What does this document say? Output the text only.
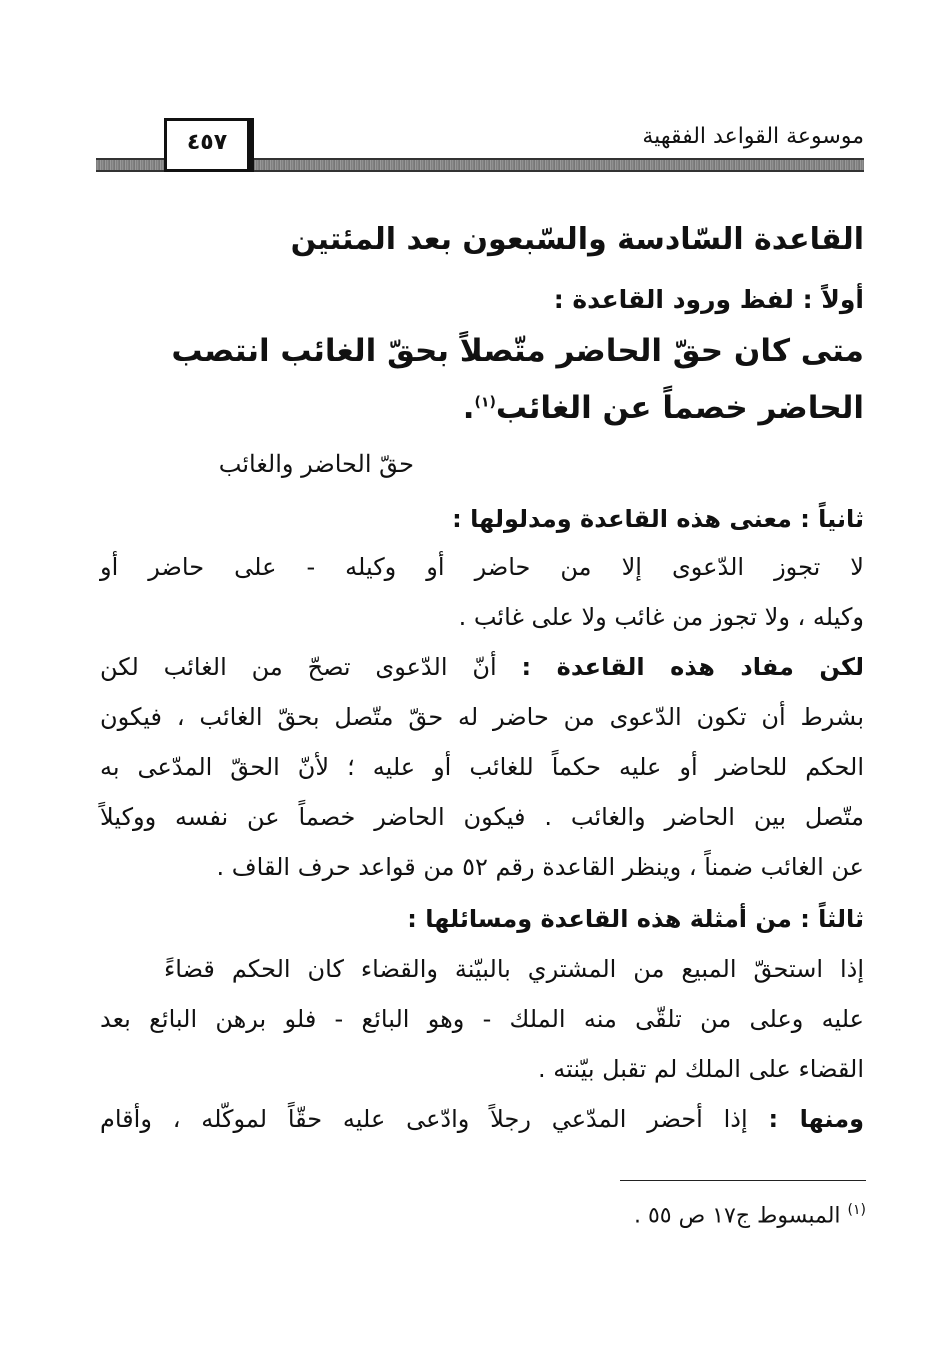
موسوعة القواعد الفقهية
٤٥٧
القاعدة السّادسة والسّبعون بعد المئتين
أولاً : لفظ ورود القاعدة :
متى كان حقّ الحاضر متّصلاً بحقّ الغائب انتصب
الحاضر خصماً عن الغائب$^{(١)}$.
حقّ الحاضر والغائب
ثانياً : معنى هذه القاعدة ومدلولها :
لا تجوز الدّعوى إلا من حاضر أو وكيله - على حاضر أو
وكيله ، ولا تجوز من غائب ولا على غائب .
لكن مفاد هذه القاعدة : أنّ الدّعوى تصحّ من الغائب لكن
بشرط أن تكون الدّعوى من حاضر له حقّ متّصل بحقّ الغائب ، فيكون
الحكم للحاضر أو عليه حكماً للغائب أو عليه ؛ لأنّ الحقّ المدّعى به
متّصل بين الحاضر والغائب . فيكون الحاضر خصماً عن نفسه ووكيلاً
عن الغائب ضمناً ، وينظر القاعدة رقم ٥٢ من قواعد حرف القاف .
ثالثاً : من أمثلة هذه القاعدة ومسائلها :
إذا استحقّ المبيع من المشتري بالبيّنة والقضاء كان الحكم قضاءً
عليه وعلى من تلقّى منه الملك - وهو البائع - فلو برهن البائع بعد
القضاء على الملك لم تقبل بيّنته .
ومنها : إذا أحضر المدّعي رجلاً وادّعى عليه حقّاً لموكّله ، وأقام
$^{(١)}$ المبسوط ج١٧ ص ٥٥ .
